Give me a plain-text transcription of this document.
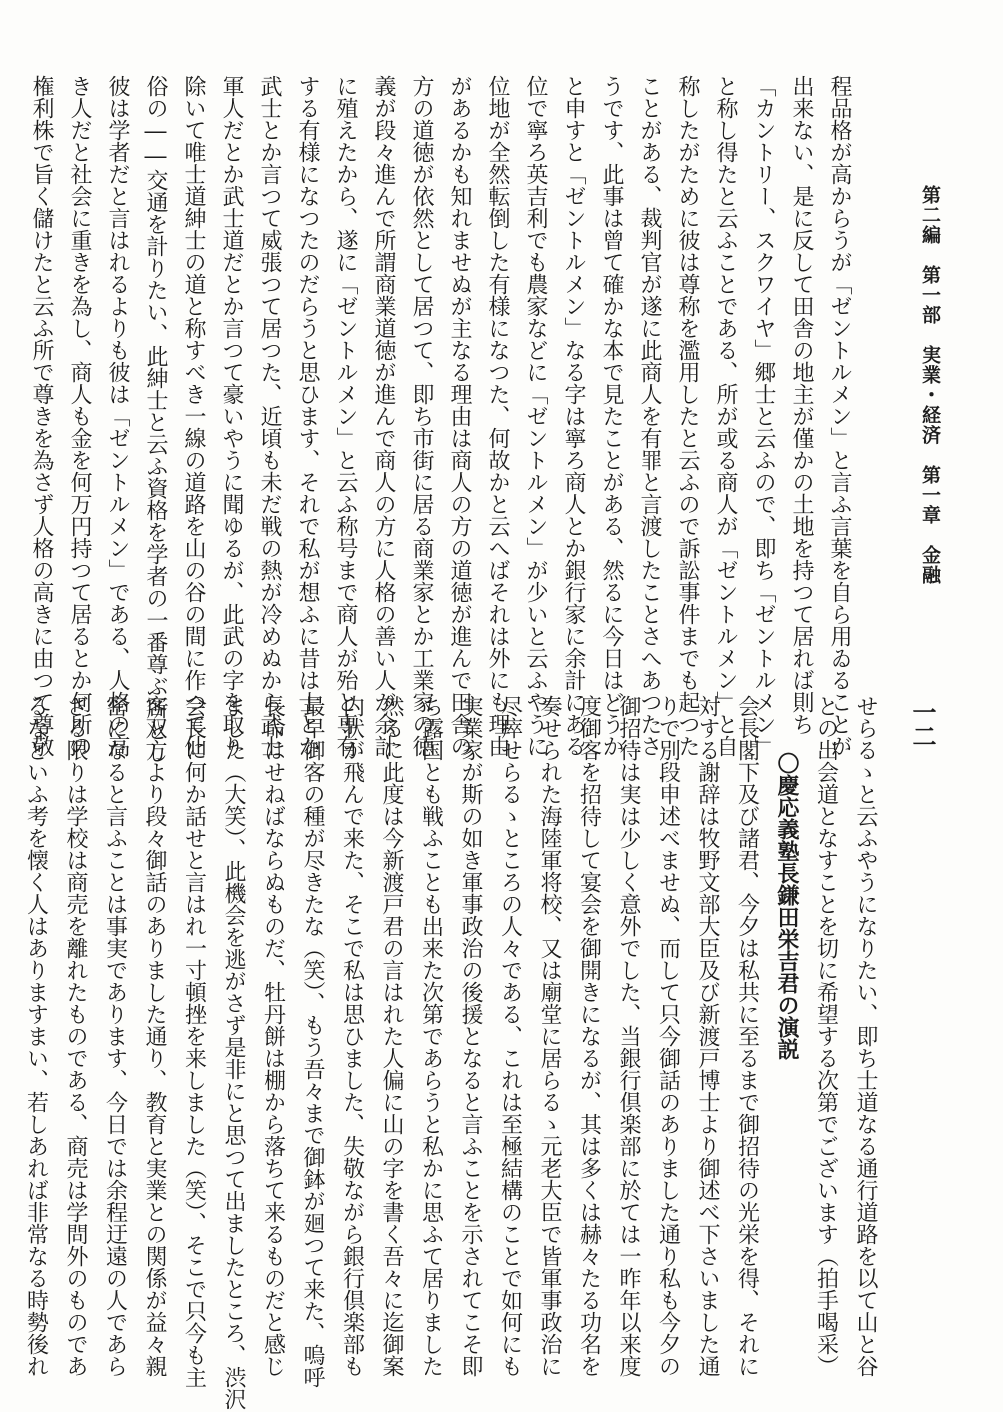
第二編　第一部　実業・経済　第一章　金融
一二
程品格が高からうが「ゼントルメン」と言ふ言葉を自ら用ゐることが
出来ない、是に反して田舎の地主が僅かの土地を持つて居れば則ち
「カントリー、スクワイヤ」郷士と云ふので、即ち「ゼントルメン」
と称し得たと云ふことである、所が或る商人が「ゼントルメン」と自
称したがために彼は尊称を濫用したと云ふので訴訟事件までも起つた
ことがある、裁判官が遂に此商人を有罪と言渡したことさへあつたさ
うです、此事は曾て確かな本で見たことがある、然るに今日はどうか
と申すと「ゼントルメン」なる字は寧ろ商人とか銀行家に余計にある
位で寧ろ英吉利でも農家などに「ゼントルメン」が少いと云ふやうに
位地が全然転倒した有様になつた、何故かと云へばそれは外にも理由
があるかも知れませぬが主なる理由は商人の方の道徳が進んで田舎の
方の道徳が依然として居つて、即ち市街に居る商業家とか工業家の徳
義が段々進んで所謂商業道徳が進んで商人の方に人格の善い人が余計
に殖えたから、遂に「ゼントルメン」と云ふ称号まで商人が殆と専有
する有様になつたのだらうと思ひます、それで私が想ふに昔は士とか
武士とか言つて威張つて居つた、近頃も未だ戦の熱が冷めぬから武士
軍人だとか武士道だとか言つて豪いやうに聞ゆるが、此武の字を取り
除いて唯士道紳士の道と称すべき一線の道路を山の谷の間に作つて仙
俗の――交通を計りたい、此紳士と云ふ資格を学者の一番尊ぶ所とし
彼は学者だと言はれるよりも彼は「ゼントルメン」である、人格の高
き人だと社会に重きを為し、商人も金を何万円持つて居るとか何所の
権利株で旨く儲けたと云ふ所で尊きを為さず人格の高きに由つて尊敬
せらるゝと云ふやうになりたい、即ち士道なる通行道路を以て山と谷
との出会道となすことを切に希望する次第でございます（拍手喝采）
〇慶応義塾長鎌田栄吉君の演説
会長閣下及び諸君、今夕は私共に至るまで御招待の光栄を得、それに
対する謝辞は牧野文部大臣及び新渡戸博士より御述べ下さいました通
りで別段申述べませぬ、而して只今御話のありました通り私も今夕の
御招待は実は少しく意外でした、当銀行倶楽部に於ては一昨年以来度
度御客を招待して宴会を御開きになるが、其は多くは赫々たる功名を
奏せられた海陸軍将校、又は廟堂に居らるゝ元老大臣で皆軍事政治に
尽瘁せらるゝところの人々である、これは至極結構のことで如何にも
実業家が斯の如き軍事政治の後援となると言ふことを示されてこそ即
ち露国とも戦ふことも出来た次第であらうと私かに思ふて居りました
然るに此度は今新渡戸君の言はれた人偏に山の字を書く吾々に迄御案
内状が飛んで来た、そこで私は思ひました、失敬ながら銀行倶楽部も
最早御客の種が尽きたな（笑）、もう吾々まで御鉢が廻つて来た、嗚呼
長命はせねばならぬものだ、牡丹餅は棚から落ちて来るものだと感じ
ました（大笑）、此機会を逃がさず是非にと思つて出ましたところ、渋沢
会長に何か話せと言はれ一寸頓挫を来しました（笑）、そこで只今も主
客双方より段々御話のありました通り、教育と実業との関係が益々親
密になると言ふことは事実であります、今日では余程迂遠の人であら
ざる限りは学校は商売を離れたものである、商売は学問外のものであ
るなどいふ考を懐く人はありますまい、若しあれば非常なる時勢後れ
